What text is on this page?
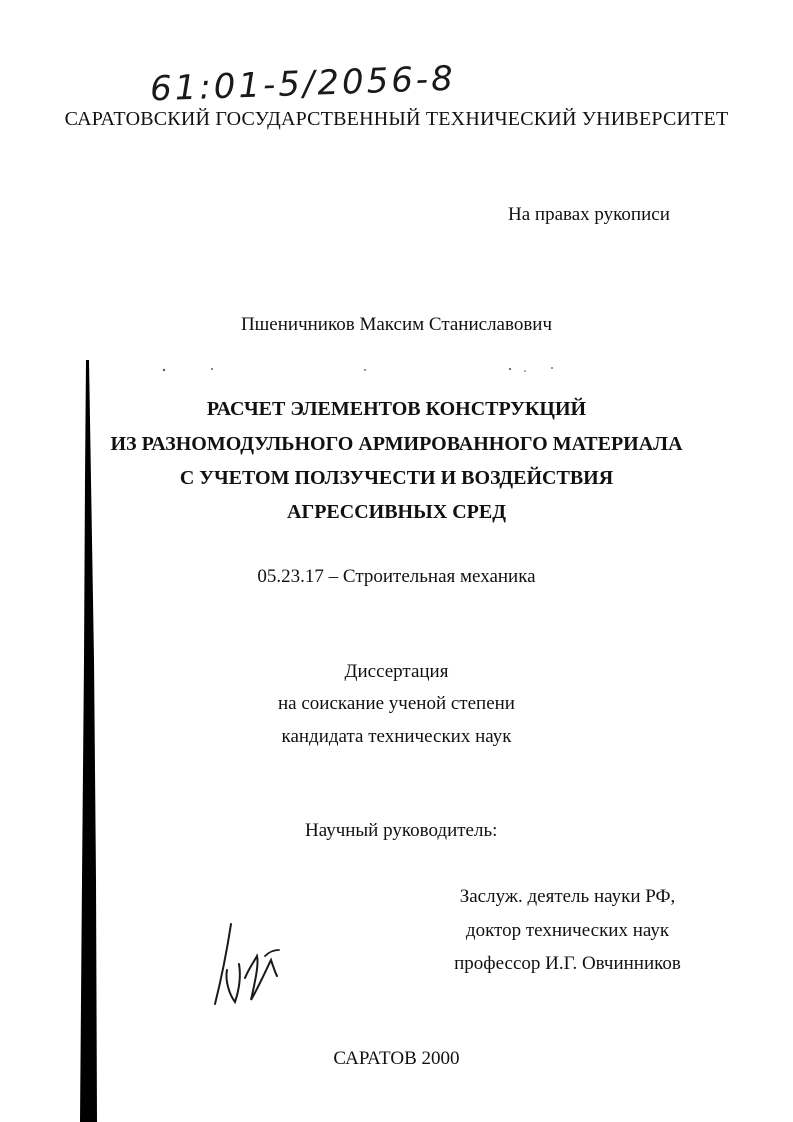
61:01-5/2056-8
САРАТОВСКИЙ ГОСУДАРСТВЕННЫЙ ТЕХНИЧЕСКИЙ УНИВЕРСИТЕТ
На правах рукописи
Пшеничников Максим Станиславович
РАСЧЕТ ЭЛЕМЕНТОВ КОНСТРУКЦИЙ
ИЗ РАЗНОМОДУЛЬНОГО АРМИРОВАННОГО МАТЕРИАЛА
С УЧЕТОМ ПОЛЗУЧЕСТИ И ВОЗДЕЙСТВИЯ
АГРЕССИВНЫХ СРЕД
05.23.17 – Строительная механика
Диссертация
на соискание ученой степени
кандидата технических наук
Научный руководитель:
Заслуж. деятель науки РФ,
доктор технических наук
профессор И.Г. Овчинников
САРАТОВ 2000
